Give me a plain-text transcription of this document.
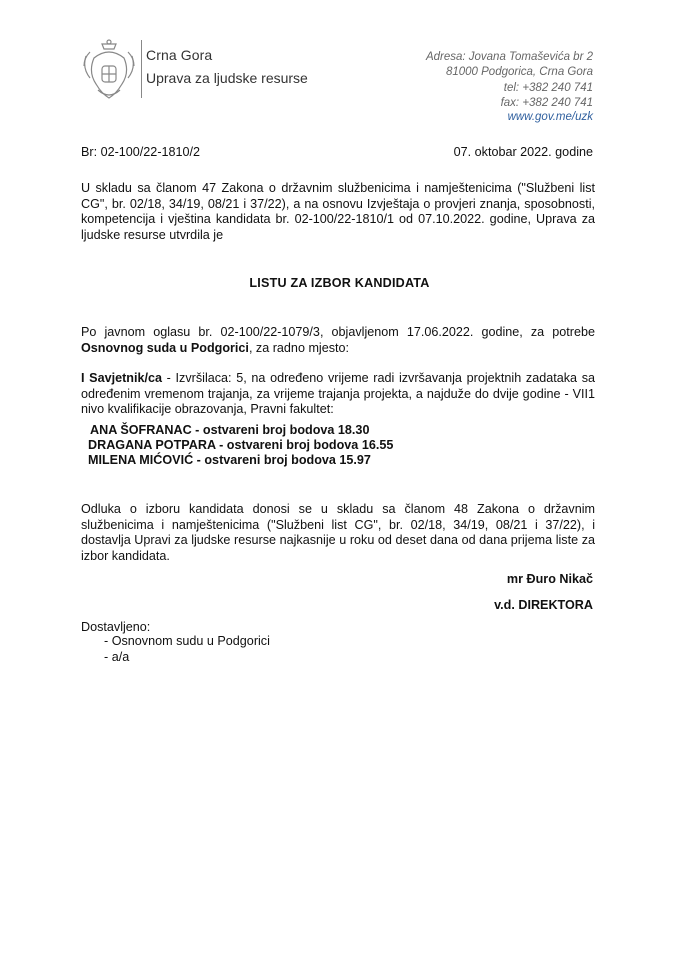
Crna Gora
Uprava za ljudske resurse
Adresa: Jovana Tomaševića br 2
81000 Podgorica, Crna Gora
tel: +382 240 741
fax: +382 240 741
www.gov.me/uzk
Br: 02-100/22-1810/2	07. oktobar 2022. godine
U skladu sa članom 47 Zakona o državnim službenicima i namještenicima ("Službeni list CG", br. 02/18, 34/19, 08/21 i 37/22), a na osnovu Izvještaja o provjeri znanja, sposobnosti, kompetencija i vještina kandidata br. 02-100/22-1810/1 od 07.10.2022. godine, Uprava za ljudske resurse utvrdila je
LISTU ZA IZBOR KANDIDATA
Po javnom oglasu br. 02-100/22-1079/3, objavljenom 17.06.2022. godine, za potrebe Osnovnog suda u Podgorici, za radno mjesto:
I Savjetnik/ca - Izvršilaca: 5, na određeno vrijeme radi izvršavanja projektnih zadataka sa određenim vremenom trajanja, za vrijeme trajanja projekta, a najduže do dvije godine - VII1 nivo kvalifikacije obrazovanja, Pravni fakultet:
ANA ŠOFRANAC - ostvareni broj bodova 18.30
DRAGANA POTPARA - ostvareni broj bodova 16.55
MILENA MIĆOVIĆ - ostvareni broj bodova 15.97
Odluka o izboru kandidata donosi se u skladu sa članom 48 Zakona o državnim službenicima i namještenicima ("Službeni list CG", br. 02/18, 34/19, 08/21 i 37/22), i dostavlja Upravi za ljudske resurse najkasnije u roku od deset dana od dana prijema liste za izbor kandidata.
mr Đuro Nikač
v.d. DIREKTORA
Dostavljeno:
- Osnovnom sudu u Podgorici
- a/a
